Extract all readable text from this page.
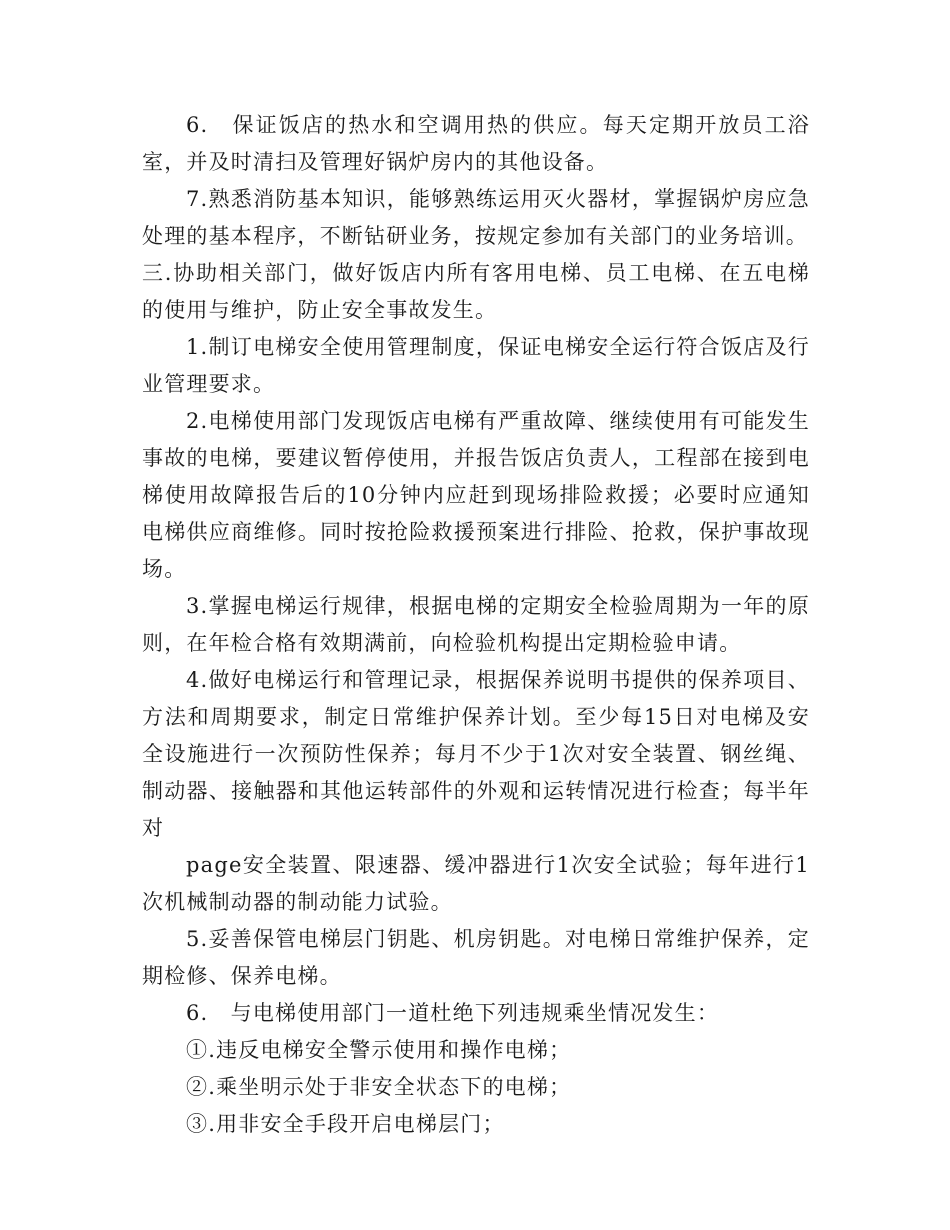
6.　保证饭店的热水和空调用热的供应。每天定期开放员工浴室，并及时清扫及管理好锅炉房内的其他设备。

7.熟悉消防基本知识，能够熟练运用灭火器材，掌握锅炉房应急处理的基本程序，不断钻研业务，按规定参加有关部门的业务培训。

三.协助相关部门，做好饭店内所有客用电梯、员工电梯、在五电梯的使用与维护，防止安全事故发生。

1.制订电梯安全使用管理制度，保证电梯安全运行符合饭店及行业管理要求。

2.电梯使用部门发现饭店电梯有严重故障、继续使用有可能发生事故的电梯，要建议暂停使用，并报告饭店负责人，工程部在接到电梯使用故障报告后的10分钟内应赶到现场排险救援；必要时应通知电梯供应商维修。同时按抢险救援预案进行排险、抢救，保护事故现场。

3.掌握电梯运行规律，根据电梯的定期安全检验周期为一年的原则，在年检合格有效期满前，向检验机构提出定期检验申请。

4.做好电梯运行和管理记录，根据保养说明书提供的保养项目、方法和周期要求，制定日常维护保养计划。至少每15日对电梯及安全设施进行一次预防性保养；每月不少于1次对安全装置、钢丝绳、制动器、接触器和其他运转部件的外观和运转情况进行检查；每半年对

page安全装置、限速器、缓冲器进行1次安全试验；每年进行1次机械制动器的制动能力试验。

5.妥善保管电梯层门钥匙、机房钥匙。对电梯日常维护保养，定期检修、保养电梯。

6.　与电梯使用部门一道杜绝下列违规乘坐情况发生：

①.违反电梯安全警示使用和操作电梯；

②.乘坐明示处于非安全状态下的电梯；

③.用非安全手段开启电梯层门；
